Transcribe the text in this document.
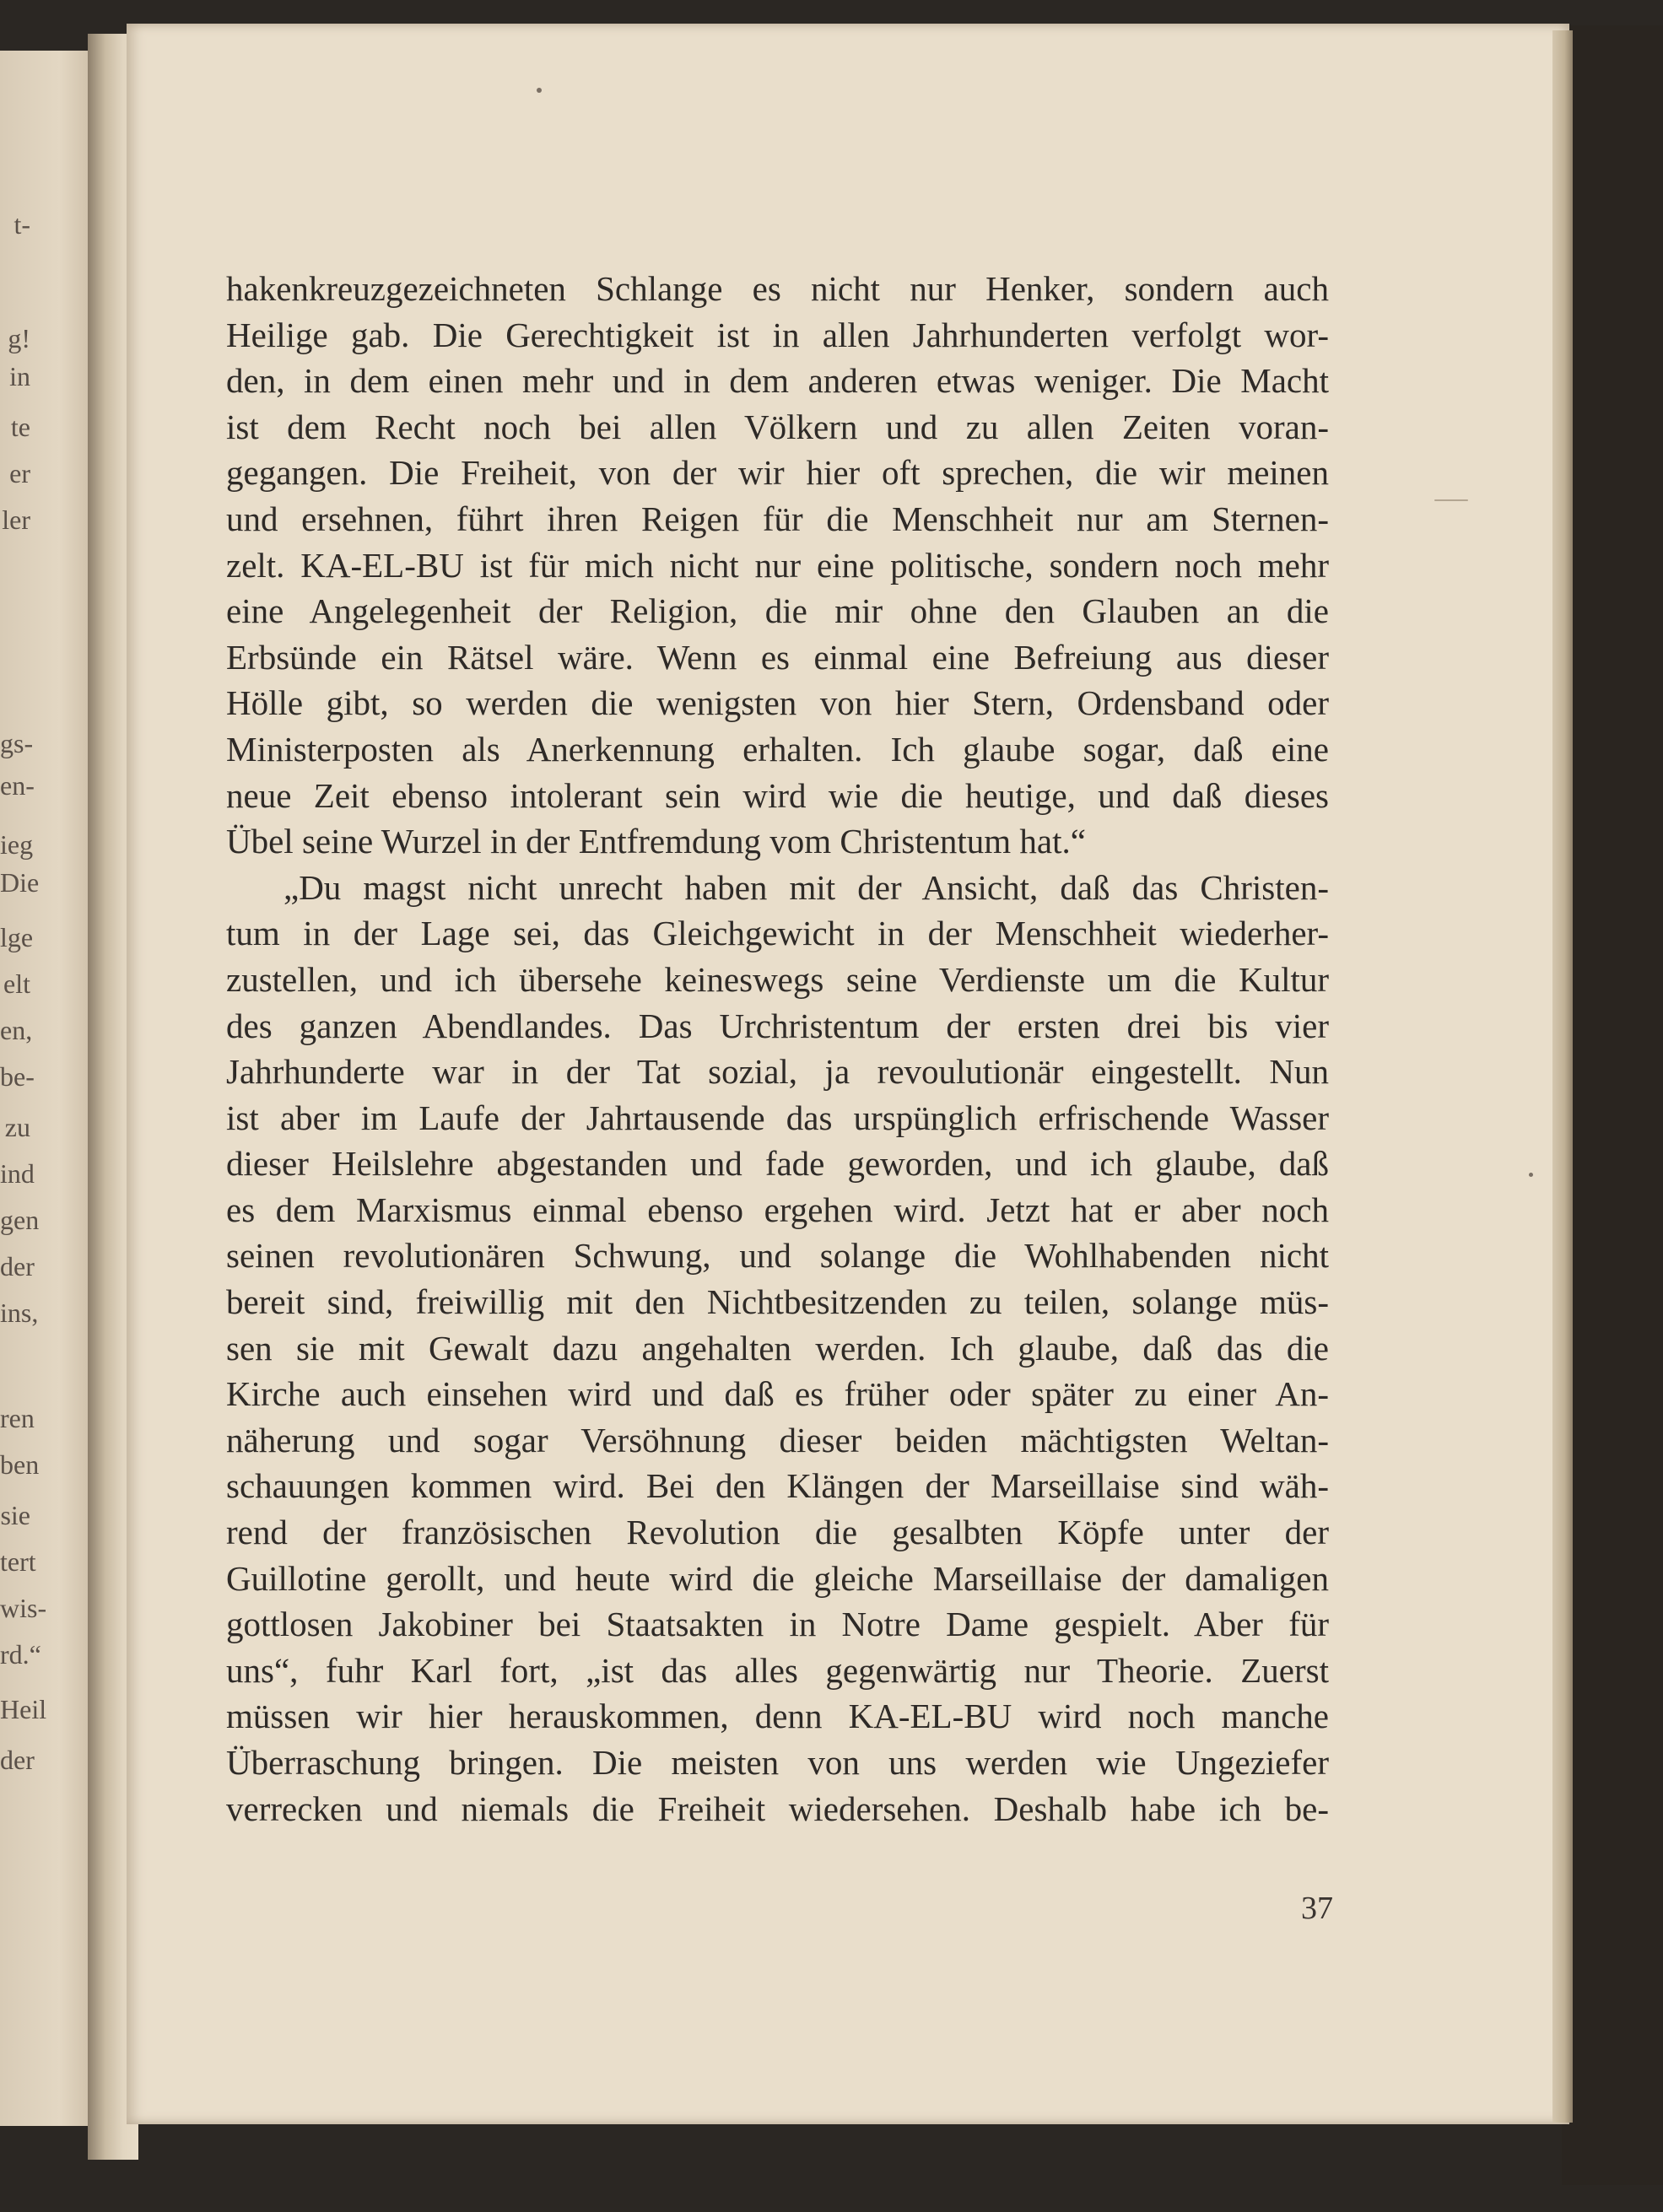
t-
g!
in
te
er
ler
gs-
en-
ieg
Die
lge
elt
en,
be-
zu
ind
gen
der
ins,
ren
ben
sie
tert
wis-
rd.“
Heil
der
hakenkreuzgezeichneten Schlange es nicht nur Henker, sondern auch
Heilige gab. Die Gerechtigkeit ist in allen Jahrhunderten verfolgt wor-
den, in dem einen mehr und in dem anderen etwas weniger. Die Macht
ist dem Recht noch bei allen Völkern und zu allen Zeiten voran-
gegangen. Die Freiheit, von der wir hier oft sprechen, die wir meinen
und ersehnen, führt ihren Reigen für die Menschheit nur am Sternen-
zelt. KA-EL-BU ist für mich nicht nur eine politische, sondern noch mehr
eine Angelegenheit der Religion, die mir ohne den Glauben an die
Erbsünde ein Rätsel wäre. Wenn es einmal eine Befreiung aus dieser
Hölle gibt, so werden die wenigsten von hier Stern, Ordensband oder
Ministerposten als Anerkennung erhalten. Ich glaube sogar, daß eine
neue Zeit ebenso intolerant sein wird wie die heutige, und daß dieses
Übel seine Wurzel in der Entfremdung vom Christentum hat.“
„Du magst nicht unrecht haben mit der Ansicht, daß das Christen-
tum in der Lage sei, das Gleichgewicht in der Menschheit wiederher-
zustellen, und ich übersehe keineswegs seine Verdienste um die Kultur
des ganzen Abendlandes. Das Urchristentum der ersten drei bis vier
Jahrhunderte war in der Tat sozial, ja revoulutionär eingestellt. Nun
ist aber im Laufe der Jahrtausende das urspünglich erfrischende Wasser
dieser Heilslehre abgestanden und fade geworden, und ich glaube, daß
es dem Marxismus einmal ebenso ergehen wird. Jetzt hat er aber noch
seinen revolutionären Schwung, und solange die Wohlhabenden nicht
bereit sind, freiwillig mit den Nichtbesitzenden zu teilen, solange müs-
sen sie mit Gewalt dazu angehalten werden. Ich glaube, daß das die
Kirche auch einsehen wird und daß es früher oder später zu einer An-
näherung und sogar Versöhnung dieser beiden mächtigsten Weltan-
schauungen kommen wird. Bei den Klängen der Marseillaise sind wäh-
rend der französischen Revolution die gesalbten Köpfe unter der
Guillotine gerollt, und heute wird die gleiche Marseillaise der damaligen
gottlosen Jakobiner bei Staatsakten in Notre Dame gespielt. Aber für
uns“, fuhr Karl fort, „ist das alles gegenwärtig nur Theorie. Zuerst
müssen wir hier herauskommen, denn KA-EL-BU wird noch manche
Überraschung bringen. Die meisten von uns werden wie Ungeziefer
verrecken und niemals die Freiheit wiedersehen. Deshalb habe ich be-
37
